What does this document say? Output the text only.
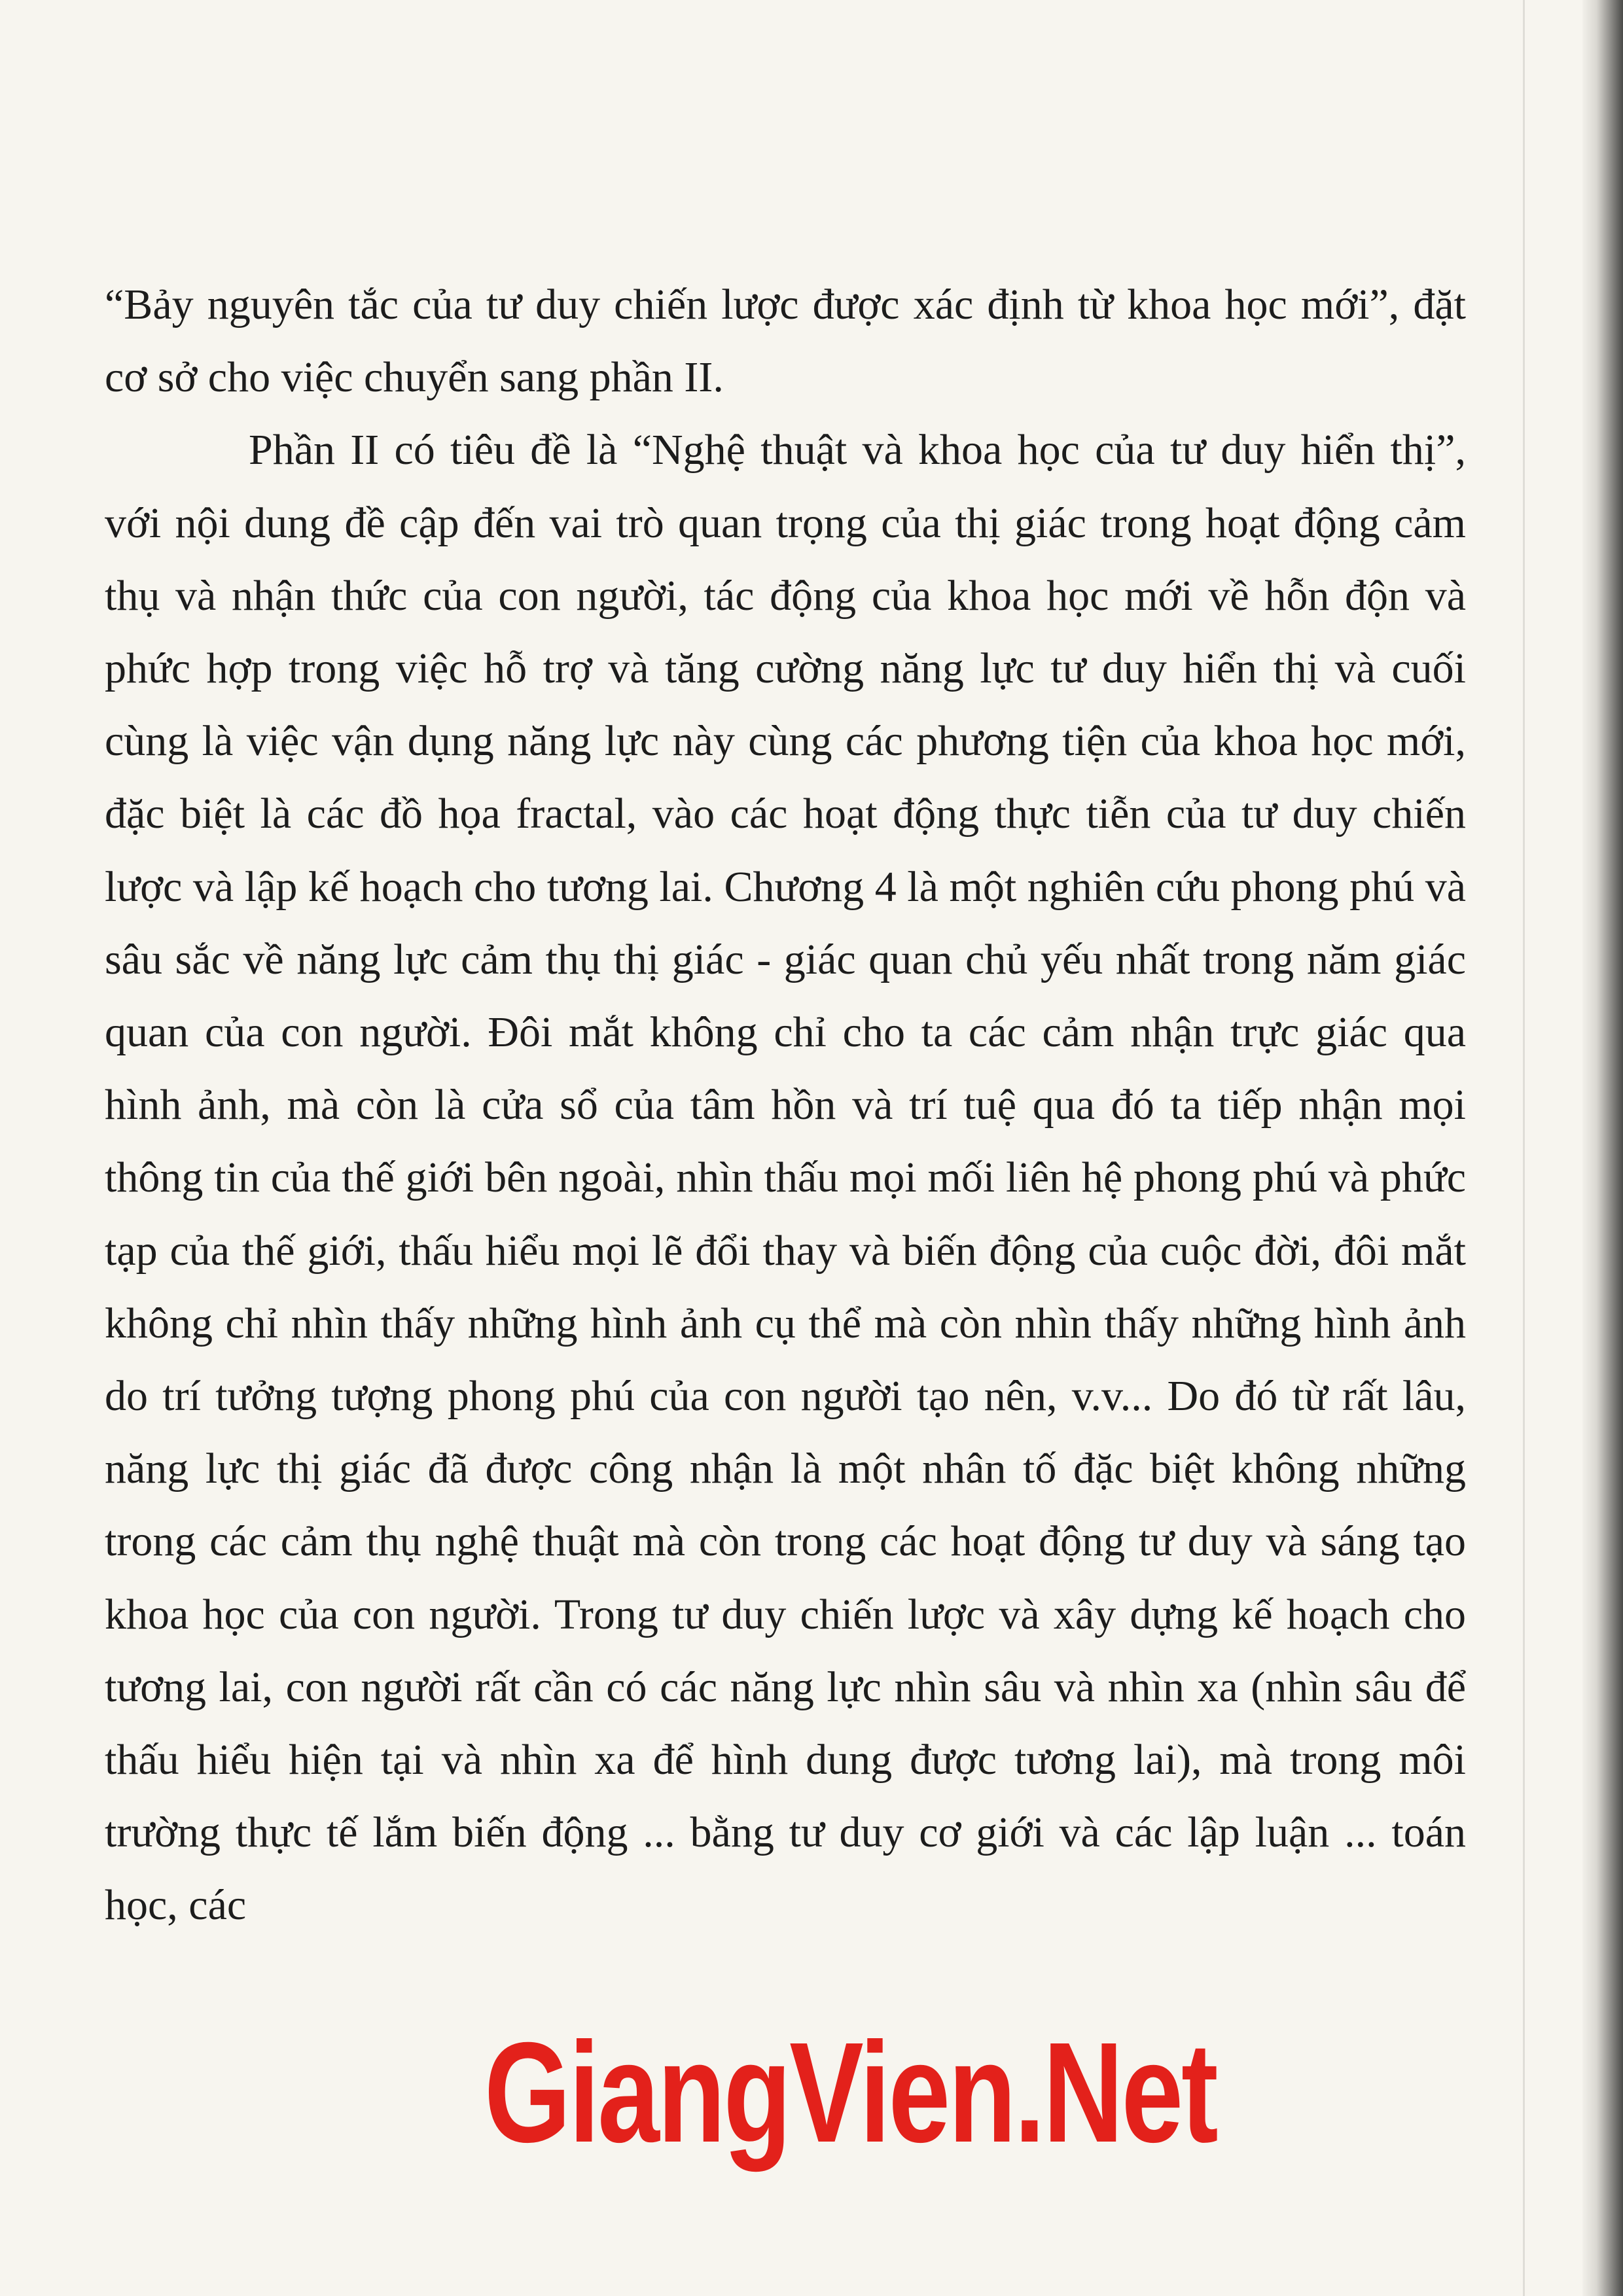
“Bảy nguyên tắc của tư duy chiến lược được xác định từ khoa học mới”, đặt cơ sở cho việc chuyển sang phần II.

Phần II có tiêu đề là “Nghệ thuật và khoa học của tư duy hiển thị”, với nội dung đề cập đến vai trò quan trọng của thị giác trong hoạt động cảm thụ và nhận thức của con người, tác động của khoa học mới về hỗn độn và phức hợp trong việc hỗ trợ và tăng cường năng lực tư duy hiển thị và cuối cùng là việc vận dụng năng lực này cùng các phương tiện của khoa học mới, đặc biệt là các đồ họa fractal, vào các hoạt động thực tiễn của tư duy chiến lược và lập kế hoạch cho tương lai. Chương 4 là một nghiên cứu phong phú và sâu sắc về năng lực cảm thụ thị giác - giác quan chủ yếu nhất trong năm giác quan của con người. Đôi mắt không chỉ cho ta các cảm nhận trực giác qua hình ảnh, mà còn là cửa sổ của tâm hồn và trí tuệ qua đó ta tiếp nhận mọi thông tin của thế giới bên ngoài, nhìn thấu mọi mối liên hệ phong phú và phức tạp của thế giới, thấu hiểu mọi lẽ đổi thay và biến động của cuộc đời, đôi mắt không chỉ nhìn thấy những hình ảnh cụ thể mà còn nhìn thấy những hình ảnh do trí tưởng tượng phong phú của con người tạo nên, v.v... Do đó từ rất lâu, năng lực thị giác đã được công nhận là một nhân tố đặc biệt không những trong các cảm thụ nghệ thuật mà còn trong các hoạt động tư duy và sáng tạo khoa học của con người. Trong tư duy chiến lược và xây dựng kế hoạch cho tương lai, con người rất cần có các năng lực nhìn sâu và nhìn xa (nhìn sâu để thấu hiểu hiện tại và nhìn xa để hình dung được tương lai), mà trong môi trường thực tế lắm biến động ... bằng tư duy cơ giới và các lập luận ... toán học, các

GiangVien.Net
